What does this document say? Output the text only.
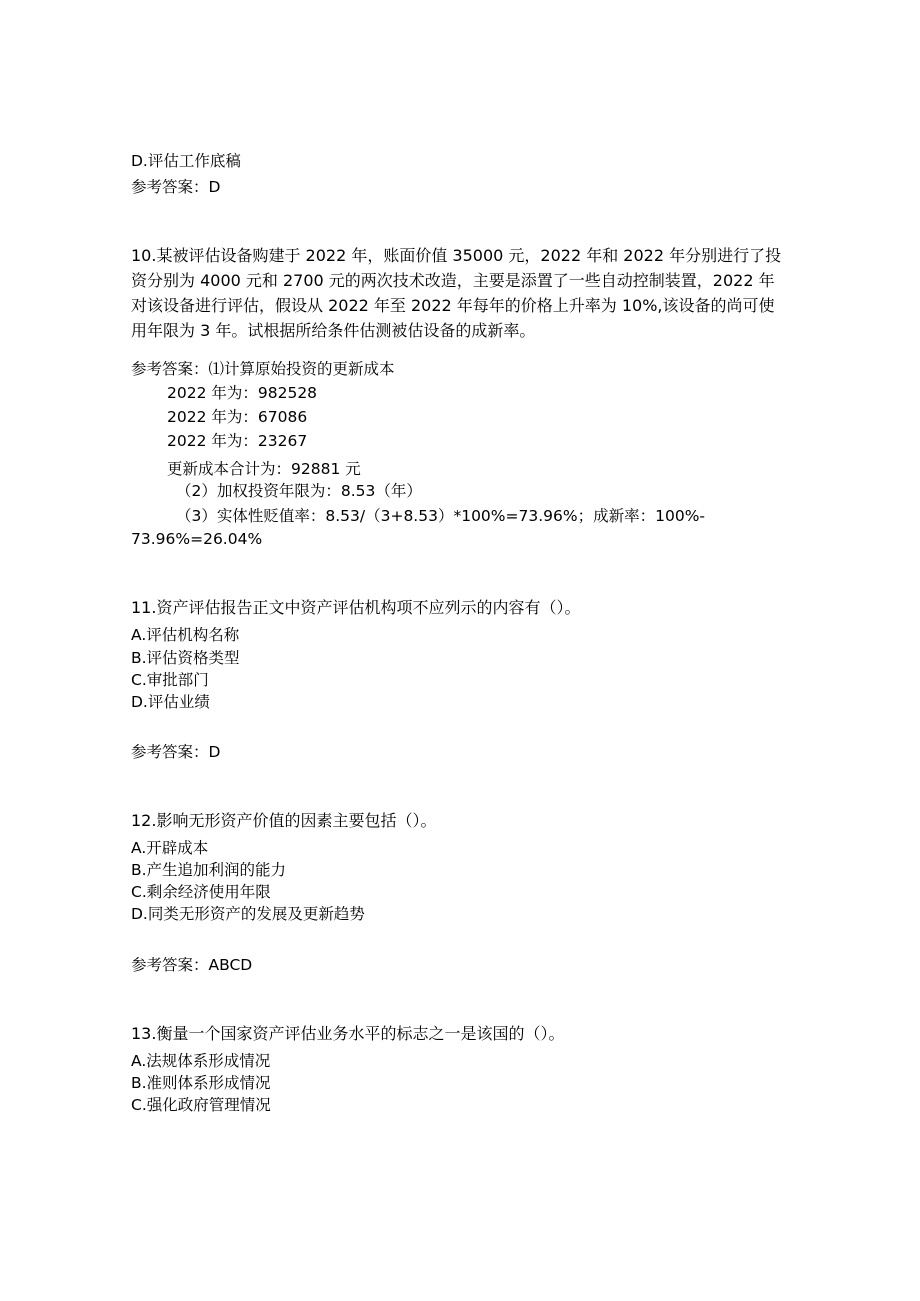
D.评估工作底稿
参考答案：D
10.某被评估设备购建于 2022 年，账面价值 35000 元，2022 年和 2022 年分别进行了投
资分别为 4000 元和 2700 元的两次技术改造，主要是添置了一些自动控制装置，2022 年
对该设备进行评估，假设从 2022 年至 2022 年每年的价格上升率为 10%,该设备的尚可使
用年限为 3 年。试根据所给条件估测被估设备的成新率。
参考答案：⑴计算原始投资的更新成本
2022 年为：982528
2022 年为：67086
2022 年为：23267
更新成本合计为：92881 元
（2）加权投资年限为：8.53（年）
（3）实体性贬值率：8.53/（3+8.53）*100%=73.96%；成新率：100%-
73.96%=26.04%
11.资产评估报告正文中资产评估机构项不应列示的内容有（）。
A.评估机构名称
B.评估资格类型
C.审批部门
D.评估业绩
参考答案：D
12.影响无形资产价值的因素主要包括（）。
A.开辟成本
B.产生追加利润的能力
C.剩余经济使用年限
D.同类无形资产的发展及更新趋势
参考答案：ABCD
13.衡量一个国家资产评估业务水平的标志之一是该国的（）。
A.法规体系形成情况
B.准则体系形成情况
C.强化政府管理情况
